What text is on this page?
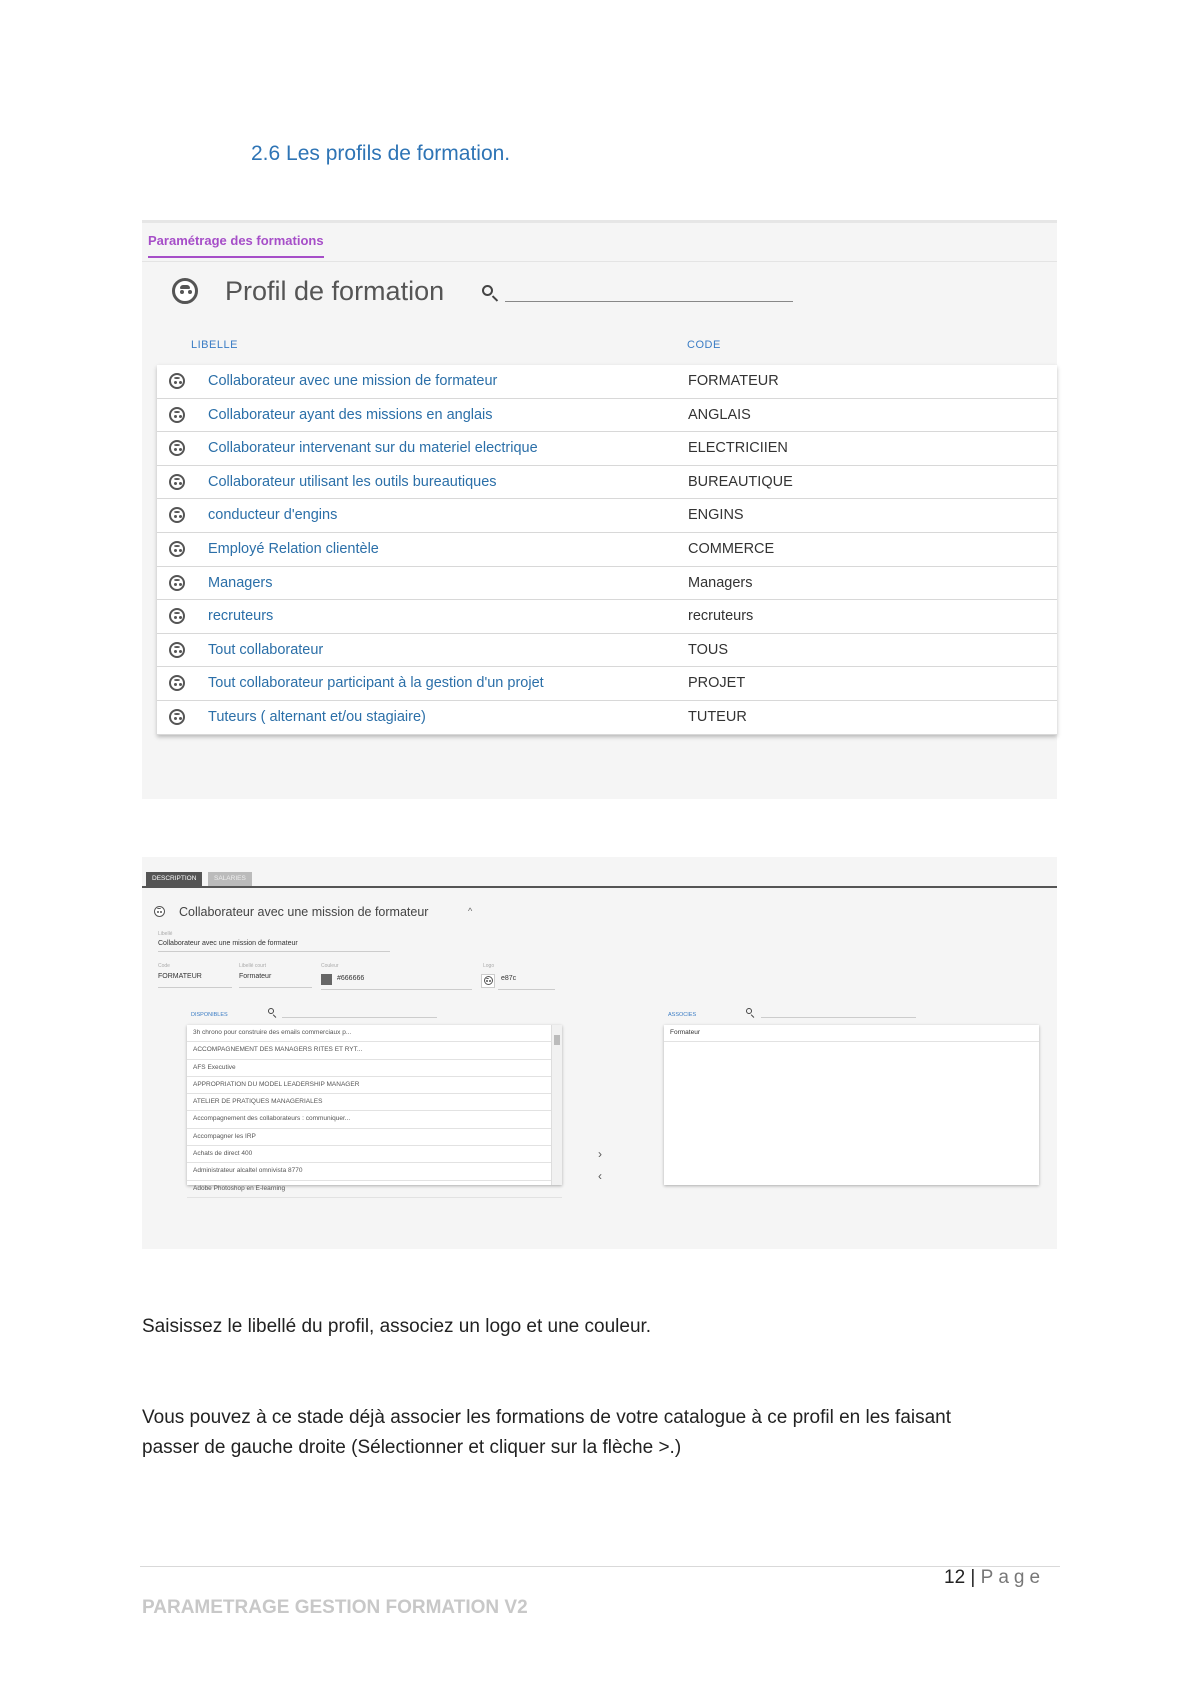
2.6 Les profils de formation.
Paramétrage des formations
Profil de formation
LIBELLE	CODE
Collaborateur avec une mission de formateur	FORMATEUR
Collaborateur ayant des missions en anglais	ANGLAIS
Collaborateur intervenant sur du materiel electrique	ELECTRICIIEN
Collaborateur utilisant les outils bureautiques	BUREAUTIQUE
conducteur d'engins	ENGINS
Employé Relation clientèle	COMMERCE
Managers	Managers
recruteurs	recruteurs
Tout collaborateur	TOUS
Tout collaborateur participant à la gestion d'un projet	PROJET
Tuteurs ( alternant et/ou stagiaire)	TUTEUR
DESCRIPTION	SALARIES
Collaborateur avec une mission de formateur	^
Libellé
Collaborateur avec une mission de formateur
Code
FORMATEUR
Libellé court
Formateur
Couleur
#666666
Logo
e87c
DISPONIBLES	ASSOCIES
3h chrono pour construire des emails commerciaux p...
ACCOMPAGNEMENT DES MANAGERS RITES ET RYT...
AFS Executive
APPROPRIATION DU MODEL LEADERSHIP MANAGER
ATELIER DE PRATIQUES MANAGERIALES
Accompagnement des collaborateurs : communiquer...
Accompagner les IRP
Achats de direct 400
Administrateur alcaltel omnivista 8770
Adobe Photoshop en E-learning
›
‹
Formateur
Saisissez le libellé du profil, associez un logo et une couleur.
Vous pouvez à ce stade déjà associer les formations de votre catalogue à ce profil en les faisant
passer de gauche droite (Sélectionner et cliquer sur la flèche >.)
12 | Page
PARAMETRAGE GESTION FORMATION V2
